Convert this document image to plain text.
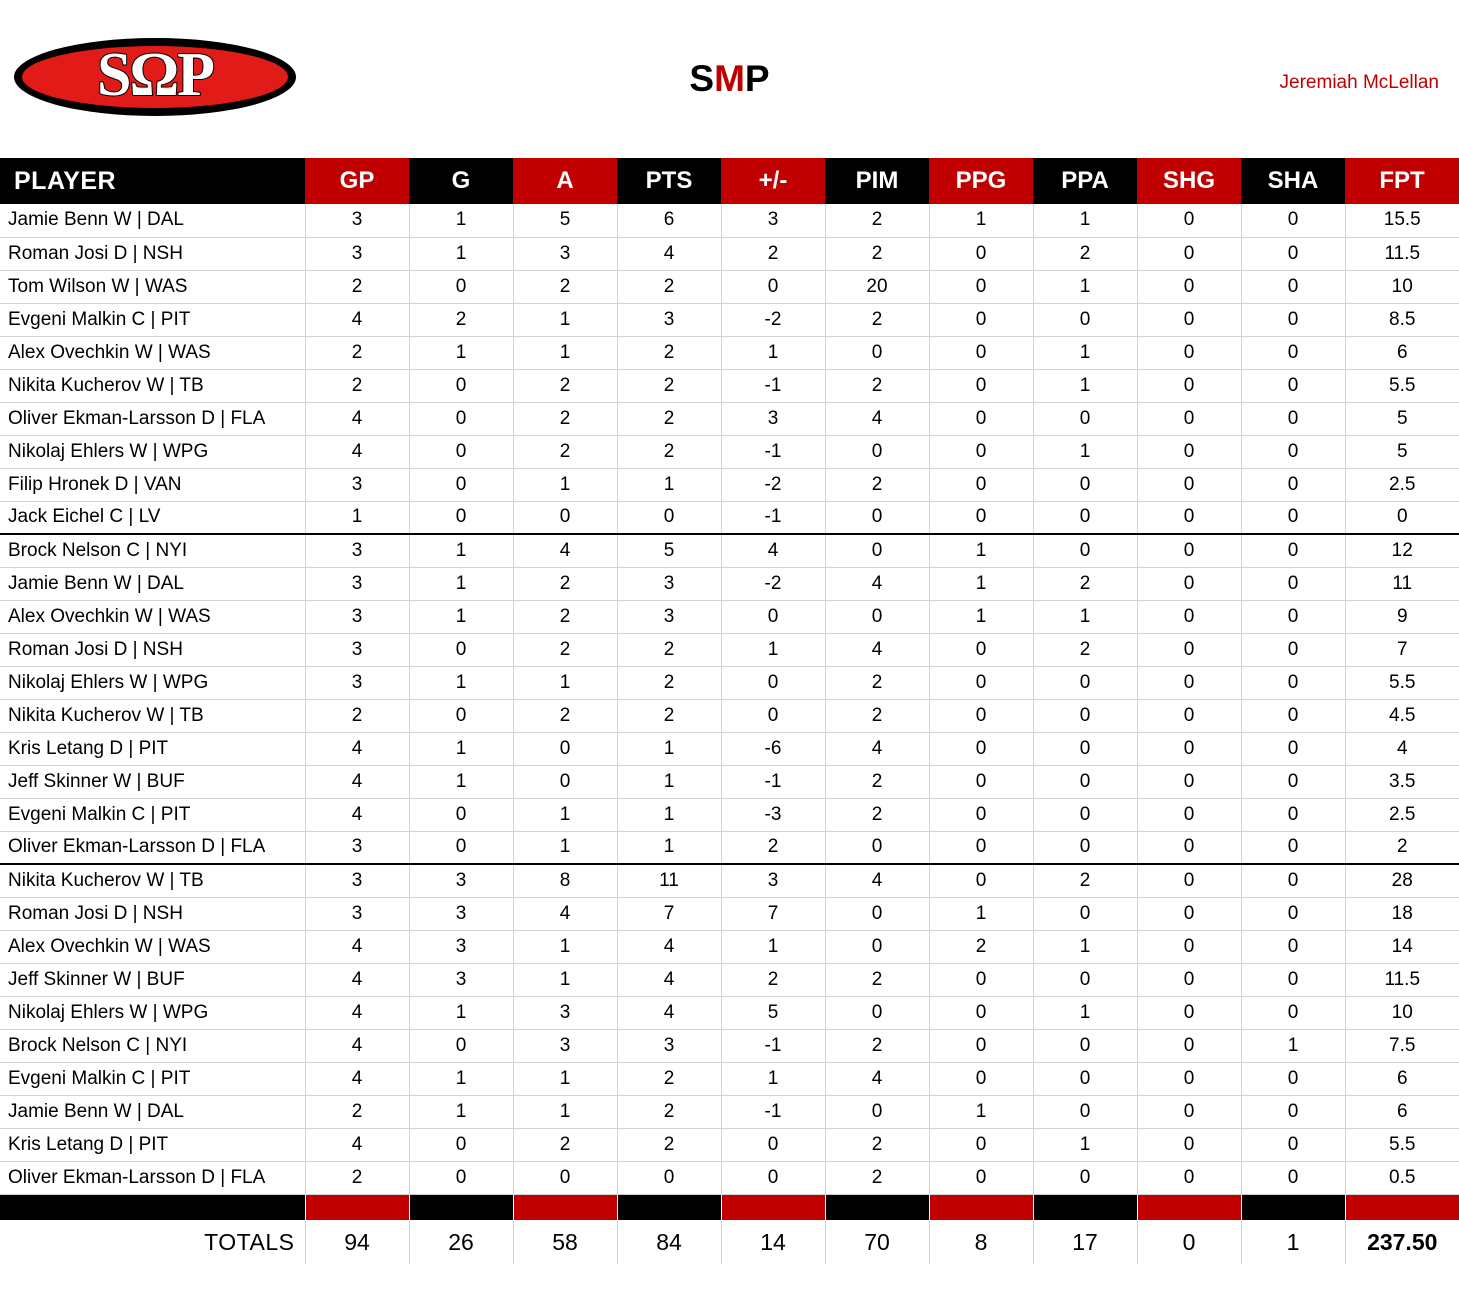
SΩP	SMP	Jeremiah McLellan
PLAYER	GP	G	A	PTS	+/-	PIM	PPG	PPA	SHG	SHA	FPT
Jamie Benn W | DAL	3	1	5	6	3	2	1	1	0	0	15.5
Roman Josi D | NSH	3	1	3	4	2	2	0	2	0	0	11.5
Tom Wilson W | WAS	2	0	2	2	0	20	0	1	0	0	10
Evgeni Malkin C | PIT	4	2	1	3	-2	2	0	0	0	0	8.5
Alex Ovechkin W | WAS	2	1	1	2	1	0	0	1	0	0	6
Nikita Kucherov W | TB	2	0	2	2	-1	2	0	1	0	0	5.5
Oliver Ekman-Larsson D | FLA	4	0	2	2	3	4	0	0	0	0	5
Nikolaj Ehlers W | WPG	4	0	2	2	-1	0	0	1	0	0	5
Filip Hronek D | VAN	3	0	1	1	-2	2	0	0	0	0	2.5
Jack Eichel C | LV	1	0	0	0	-1	0	0	0	0	0	0
Brock Nelson C | NYI	3	1	4	5	4	0	1	0	0	0	12
Jamie Benn W | DAL	3	1	2	3	-2	4	1	2	0	0	11
Alex Ovechkin W | WAS	3	1	2	3	0	0	1	1	0	0	9
Roman Josi D | NSH	3	0	2	2	1	4	0	2	0	0	7
Nikolaj Ehlers W | WPG	3	1	1	2	0	2	0	0	0	0	5.5
Nikita Kucherov W | TB	2	0	2	2	0	2	0	0	0	0	4.5
Kris Letang D | PIT	4	1	0	1	-6	4	0	0	0	0	4
Jeff Skinner W | BUF	4	1	0	1	-1	2	0	0	0	0	3.5
Evgeni Malkin C | PIT	4	0	1	1	-3	2	0	0	0	0	2.5
Oliver Ekman-Larsson D | FLA	3	0	1	1	2	0	0	0	0	0	2
Nikita Kucherov W | TB	3	3	8	11	3	4	0	2	0	0	28
Roman Josi D | NSH	3	3	4	7	7	0	1	0	0	0	18
Alex Ovechkin W | WAS	4	3	1	4	1	0	2	1	0	0	14
Jeff Skinner W | BUF	4	3	1	4	2	2	0	0	0	0	11.5
Nikolaj Ehlers W | WPG	4	1	3	4	5	0	0	1	0	0	10
Brock Nelson C | NYI	4	0	3	3	-1	2	0	0	0	1	7.5
Evgeni Malkin C | PIT	4	1	1	2	1	4	0	0	0	0	6
Jamie Benn W | DAL	2	1	1	2	-1	0	1	0	0	0	6
Kris Letang D | PIT	4	0	2	2	0	2	0	1	0	0	5.5
Oliver Ekman-Larsson D | FLA	2	0	0	0	0	2	0	0	0	0	0.5

TOTALS	94	26	58	84	14	70	8	17	0	1	237.50
